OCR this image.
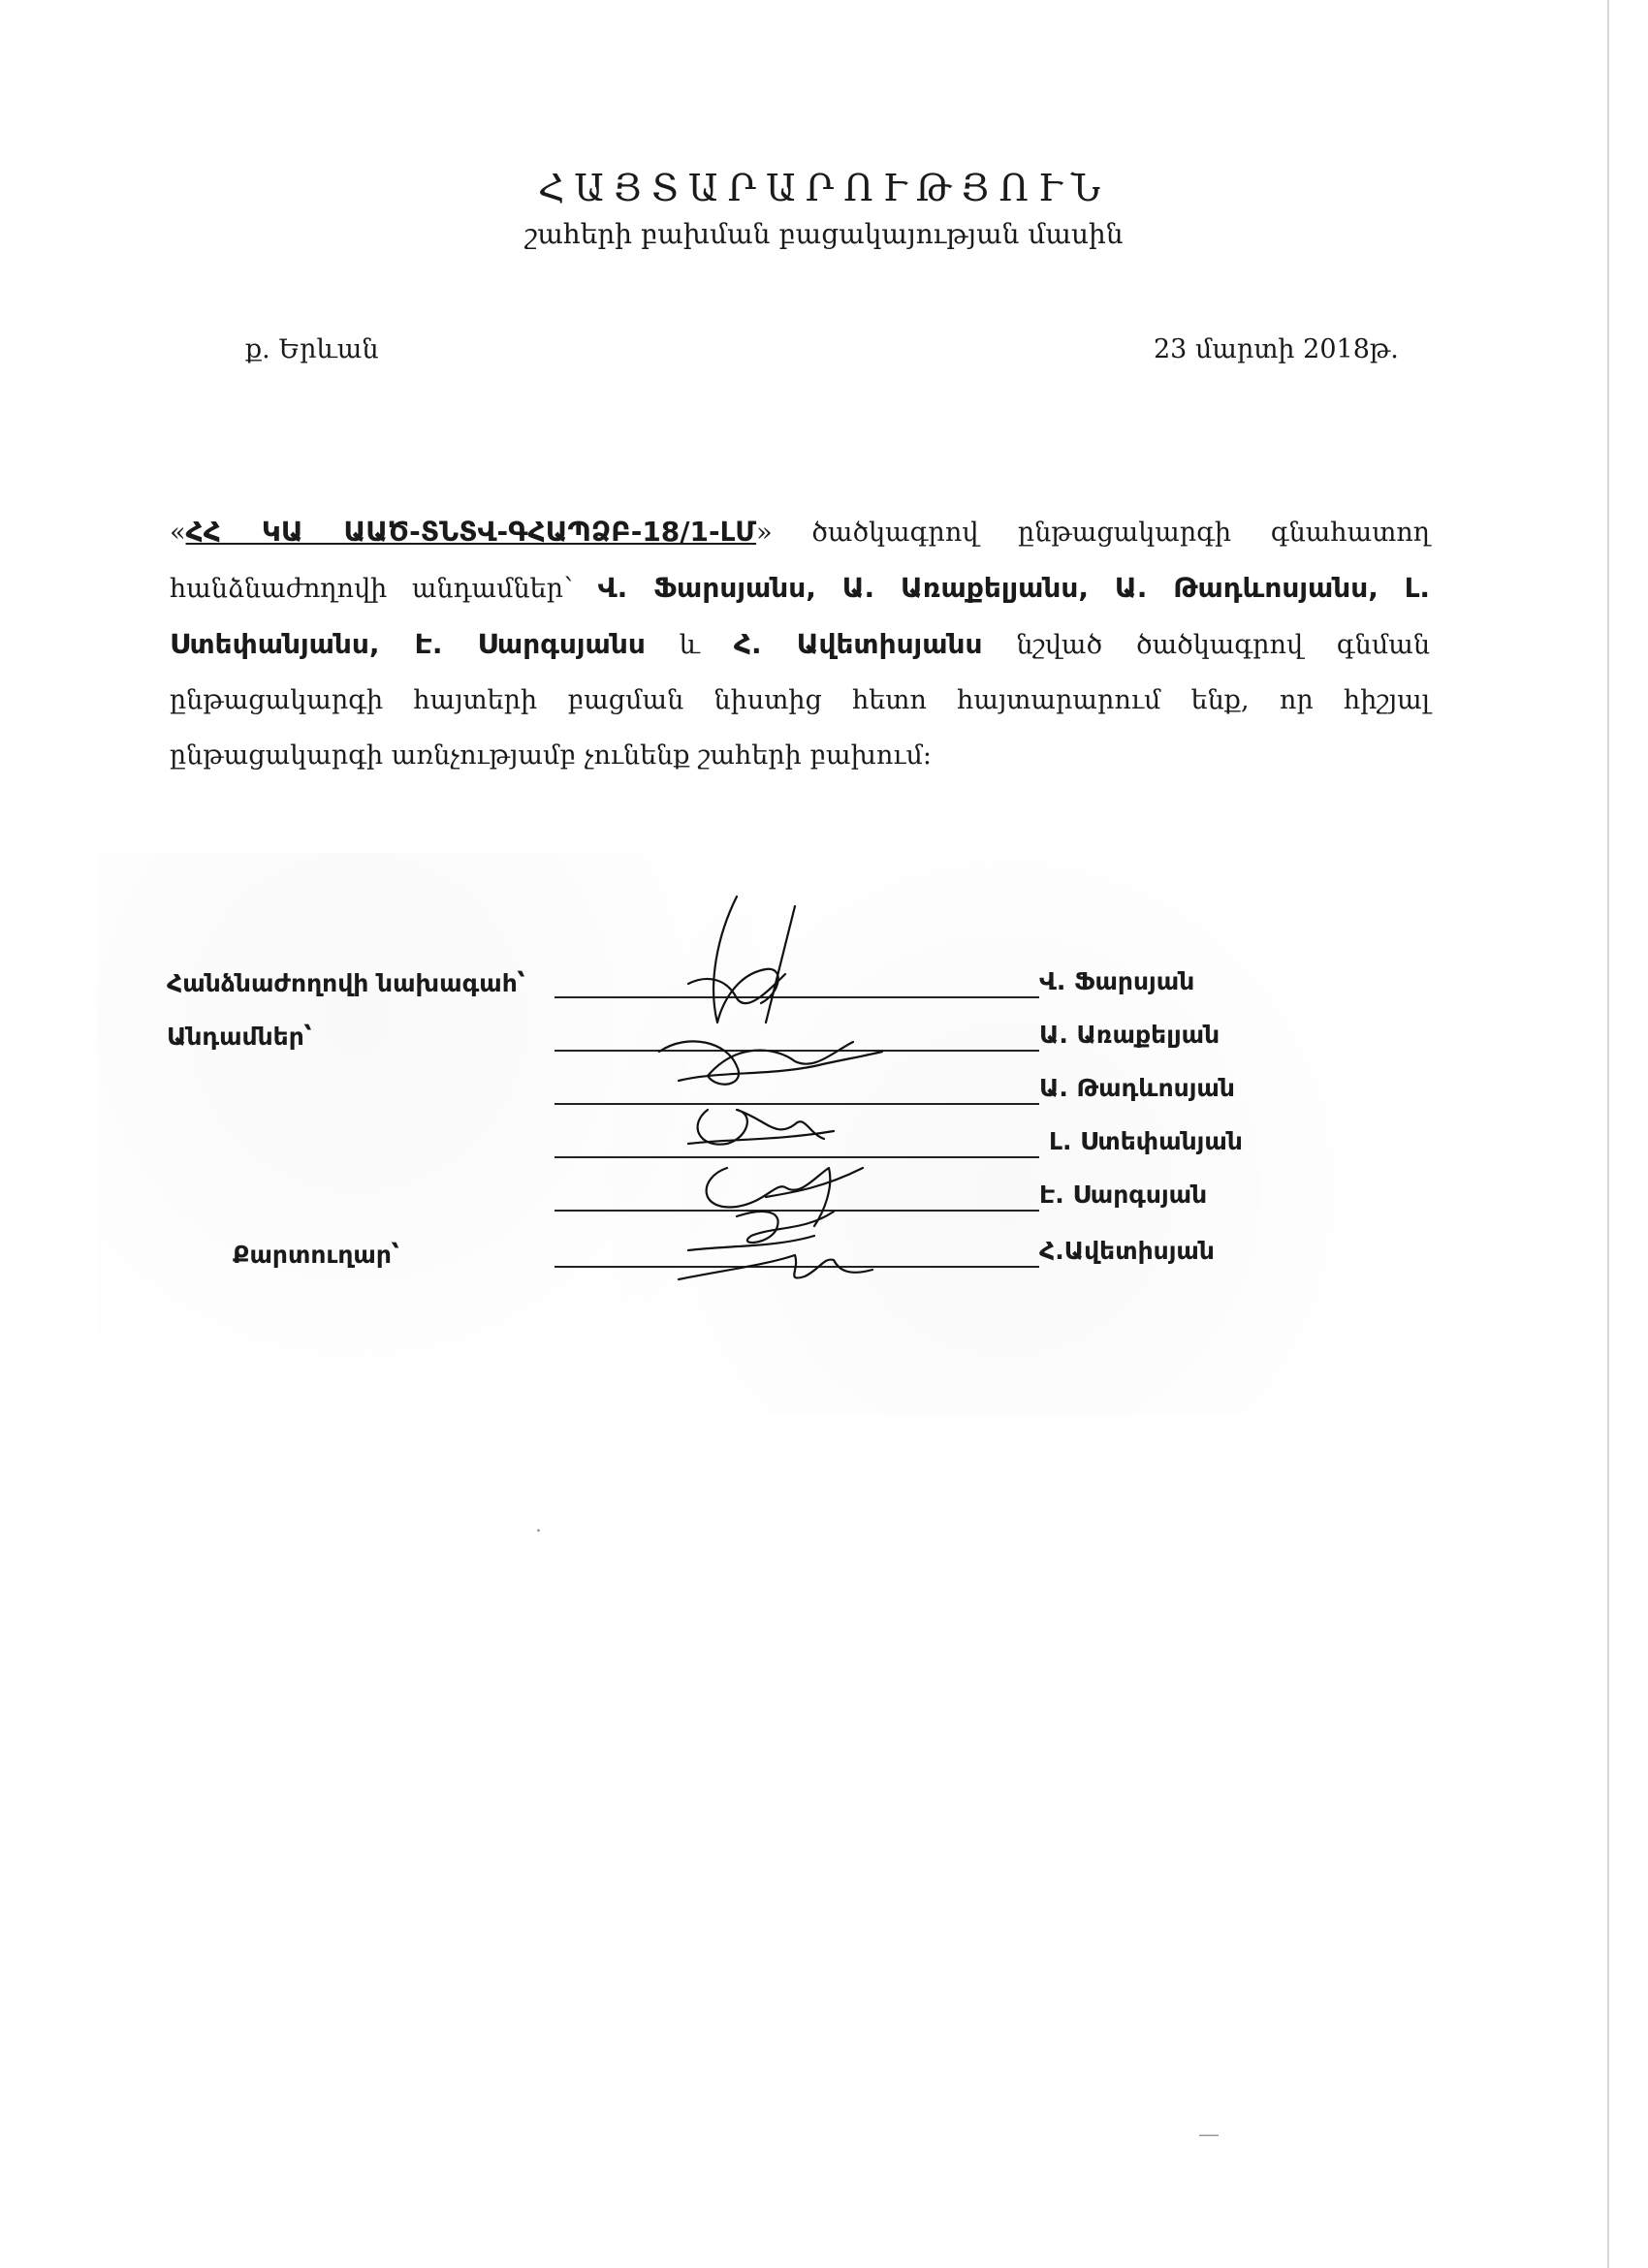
ՀԱՅՏԱՐԱՐՈՒԹՅՈՒՆ
շահերի բախման բացակայության մասին
ք. Երևան	23 մարտի 2018թ.
«ՀՀ ԿԱ ԱԱԾ-ՏՆՏՎ-ԳՀԱՊՁԲ-18/1-ԼՄ» ծածկագրով ընթացակարգի գնահատող հանձնաժողովի անդամներ՝ Վ. Ֆարսյանս, Ա. Առաքելյանս, Ա. Թադևոսյանս, Լ. Ստեփանյանս, Է. Սարգսյանս և Հ. Ավետիսյանս նշված ծածկագրով գնման ընթացակարգի հայտերի բացման նիստից հետո հայտարարում ենք, որ հիշյալ ընթացակարգի առնչությամբ չունենք շահերի բախում:
Հանձնաժողովի նախագահ՝
Անդամներ՝
Քարտուղար՝
Վ. Ֆարսյան
Ա. Առաքելյան
Ա. Թադևոսյան
Լ. Ստեփանյան
Է. Սարգսյան
Հ.Ավետիսյան
·
—
